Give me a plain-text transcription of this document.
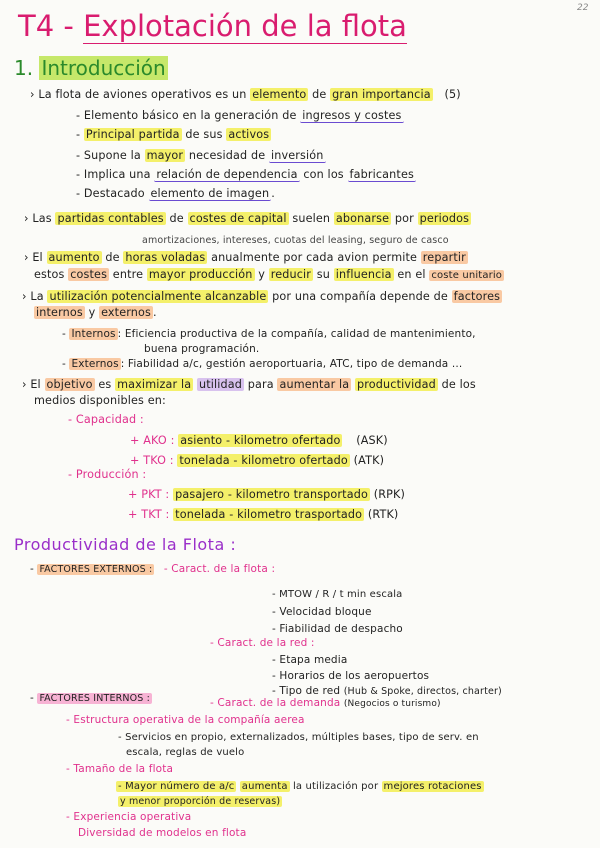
22
T4 - Explotación de la flota
1. Introducción
› La flota de aviones operativos es un elemento de gran importancia (5)
- Elemento básico en la generación de ingresos y costes
- Principal partida de sus activos
- Supone la mayor necesidad de inversión
- Implica una relación de dependencia con los fabricantes
- Destacado elemento de imagen .
› Las partidas contables de costes de capital suelen abonarse por periodos
amortizaciones, intereses, cuotas del leasing, seguro de casco
› El aumento de horas voladas anualmente por cada avion permite repartir
estos costes entre mayor producción y reducir su influencia en el coste unitario
› La utilización potencialmente alcanzable por una compañía depende de factores
internos y externos .
- Internos : Eficiencia productiva de la compañía, calidad de mantenimiento,
buena programación.
- Externos : Fiabilidad a/c, gestión aeroportuaria, ATC, tipo de demanda ...
› El objetivo es maximizar la utilidad para aumentar la productividad de los
medios disponibles en:
- Capacidad :
+ AKO : asiento - kilometro ofertado (ASK)
+ TKO : tonelada - kilometro ofertado (ATK)
- Producción :
+ PKT : pasajero - kilometro transportado (RPK)
+ TKT : tonelada - kilometro trasportado (RTK)
Productividad de la Flota :
- FACTORES EXTERNOS : - Caract. de la flota :
- MTOW / R / t min escala
- Velocidad bloque
- Fiabilidad de despacho
- Caract. de la red :
- Etapa media
- Horarios de los aeropuertos
- Tipo de red (Hub & Spoke, directos, charter)
- Caract. de la demanda (Negocios o turismo)
- FACTORES INTERNOS :
- Estructura operativa de la compañía aerea
- Servicios en propio, externalizados, múltiples bases, tipo de serv. en
escala, reglas de vuelo
- Tamaño de la flota
- Mayor número de a/c aumenta la utilización por mejores rotaciones
y menor proporción de reservas)
- Experiencia operativa
Diversidad de modelos en flota
